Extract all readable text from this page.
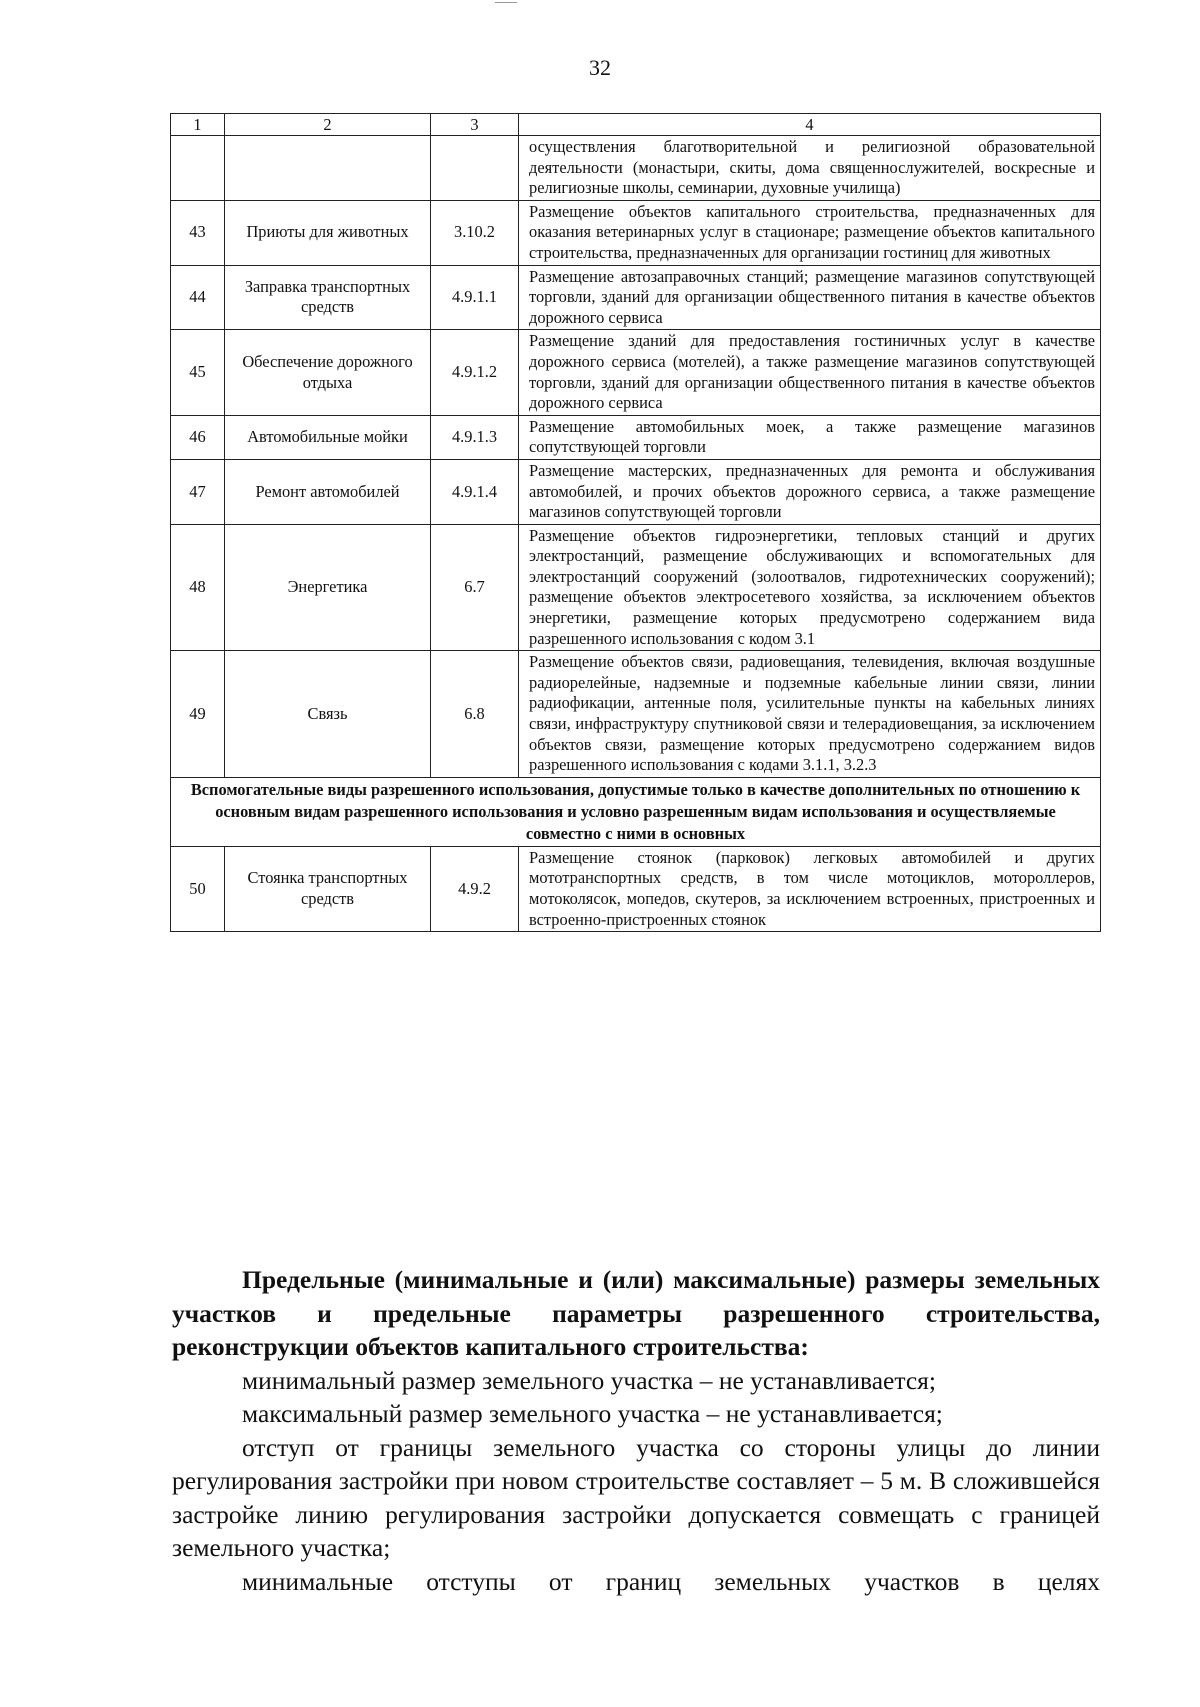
32
1	2	3	4
			осуществления благотворительной и религиозной образовательной деятельности (монастыри, скиты, дома священнослужителей, воскресные и религиозные школы, семинарии, духовные училища)
43	Приюты для животных	3.10.2	Размещение объектов капитального строительства, предназначенных для оказания ветеринарных услуг в стационаре; размещение объектов капитального строительства, предназначенных для организации гостиниц для животных
44	Заправка транспортных средств	4.9.1.1	Размещение автозаправочных станций; размещение магазинов сопутствующей торговли, зданий для организации общественного питания в качестве объектов дорожного сервиса
45	Обеспечение дорожного отдыха	4.9.1.2	Размещение зданий для предоставления гостиничных услуг в качестве дорожного сервиса (мотелей), а также размещение магазинов сопутствующей торговли, зданий для организации общественного питания в качестве объектов дорожного сервиса
46	Автомобильные мойки	4.9.1.3	Размещение автомобильных моек, а также размещение магазинов сопутствующей торговли
47	Ремонт автомобилей	4.9.1.4	Размещение мастерских, предназначенных для ремонта и обслуживания автомобилей, и прочих объектов дорожного сервиса, а также размещение магазинов сопутствующей торговли
48	Энергетика	6.7	Размещение объектов гидроэнергетики, тепловых станций и других электростанций, размещение обслуживающих и вспомогательных для электростанций сооружений (золоотвалов, гидротехнических сооружений); размещение объектов электросетевого хозяйства, за исключением объектов энергетики, размещение которых предусмотрено содержанием вида разрешенного использования с кодом 3.1
49	Связь	6.8	Размещение объектов связи, радиовещания, телевидения, включая воздушные радиорелейные, надземные и подземные кабельные линии связи, линии радиофикации, антенные поля, усилительные пункты на кабельных линиях связи, инфраструктуру спутниковой связи и телерадиовещания, за исключением объектов связи, размещение которых предусмотрено содержанием видов разрешенного использования с кодами 3.1.1, 3.2.3
Вспомогательные виды разрешенного использования, допустимые только в качестве дополнительных по отношению к основным видам разрешенного использования и условно разрешенным видам использования и осуществляемые совместно с ними в основных			
50	Стоянка транспортных средств	4.9.2	Размещение стоянок (парковок) легковых автомобилей и других мототранспортных средств, в том числе мотоциклов, мотороллеров, мотоколясок, мопедов, скутеров, за исключением встроенных, пристроенных и встроенно-пристроенных стоянок

Предельные (минимальные и (или) максимальные) размеры земельных участков и предельные параметры разрешенного строительства, реконструкции объектов капитального строительства:

минимальный размер земельного участка – не устанавливается;

максимальный размер земельного участка – не устанавливается;

отступ от границы земельного участка со стороны улицы до линии регулирования застройки при новом строительстве составляет – 5 м. В сложившейся застройке линию регулирования застройки допускается совмещать с границей земельного участка;

минимальные отступы от границ земельных участков в целях
